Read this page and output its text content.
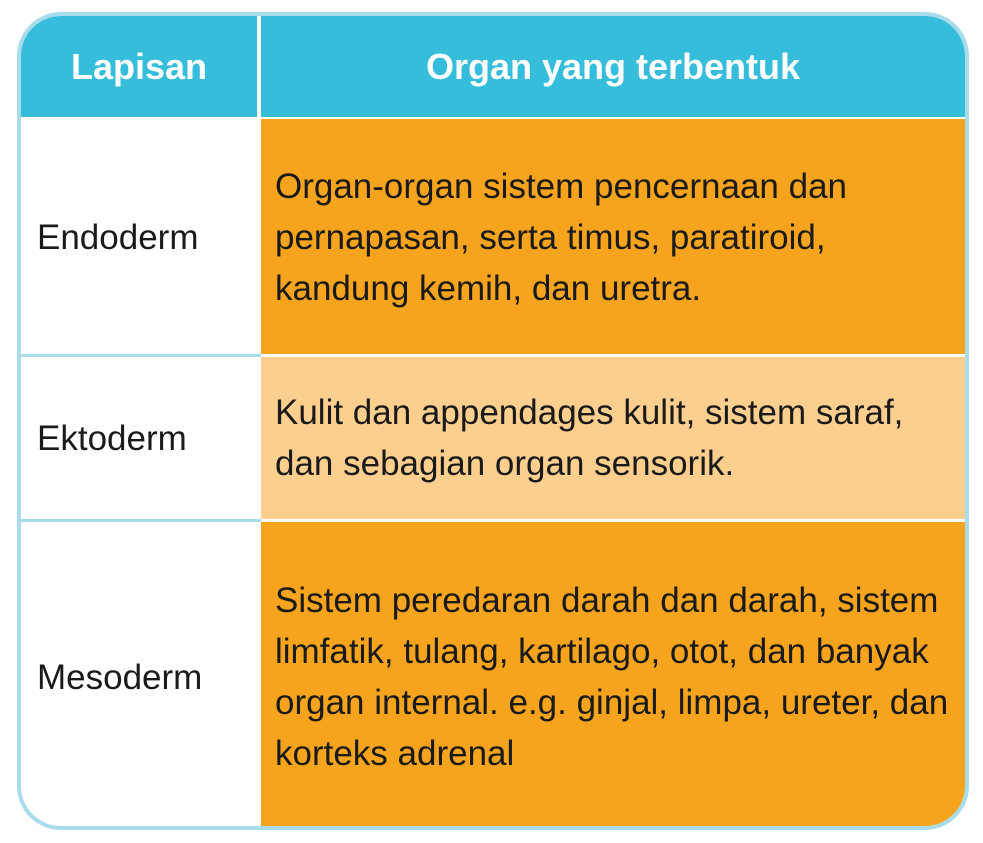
Lapisan	Organ yang terbentuk
Endoderm
Organ-organ sistem pencernaan dan pernapasan, serta timus, paratiroid, kandung kemih, dan uretra.
Ektoderm
Kulit dan appendages kulit, sistem saraf, dan sebagian organ sensorik.
Mesoderm
Sistem peredaran darah dan darah, sistem limfatik, tulang, kartilago, otot, dan banyak organ internal. e.g. ginjal, limpa, ureter, dan korteks adrenal
